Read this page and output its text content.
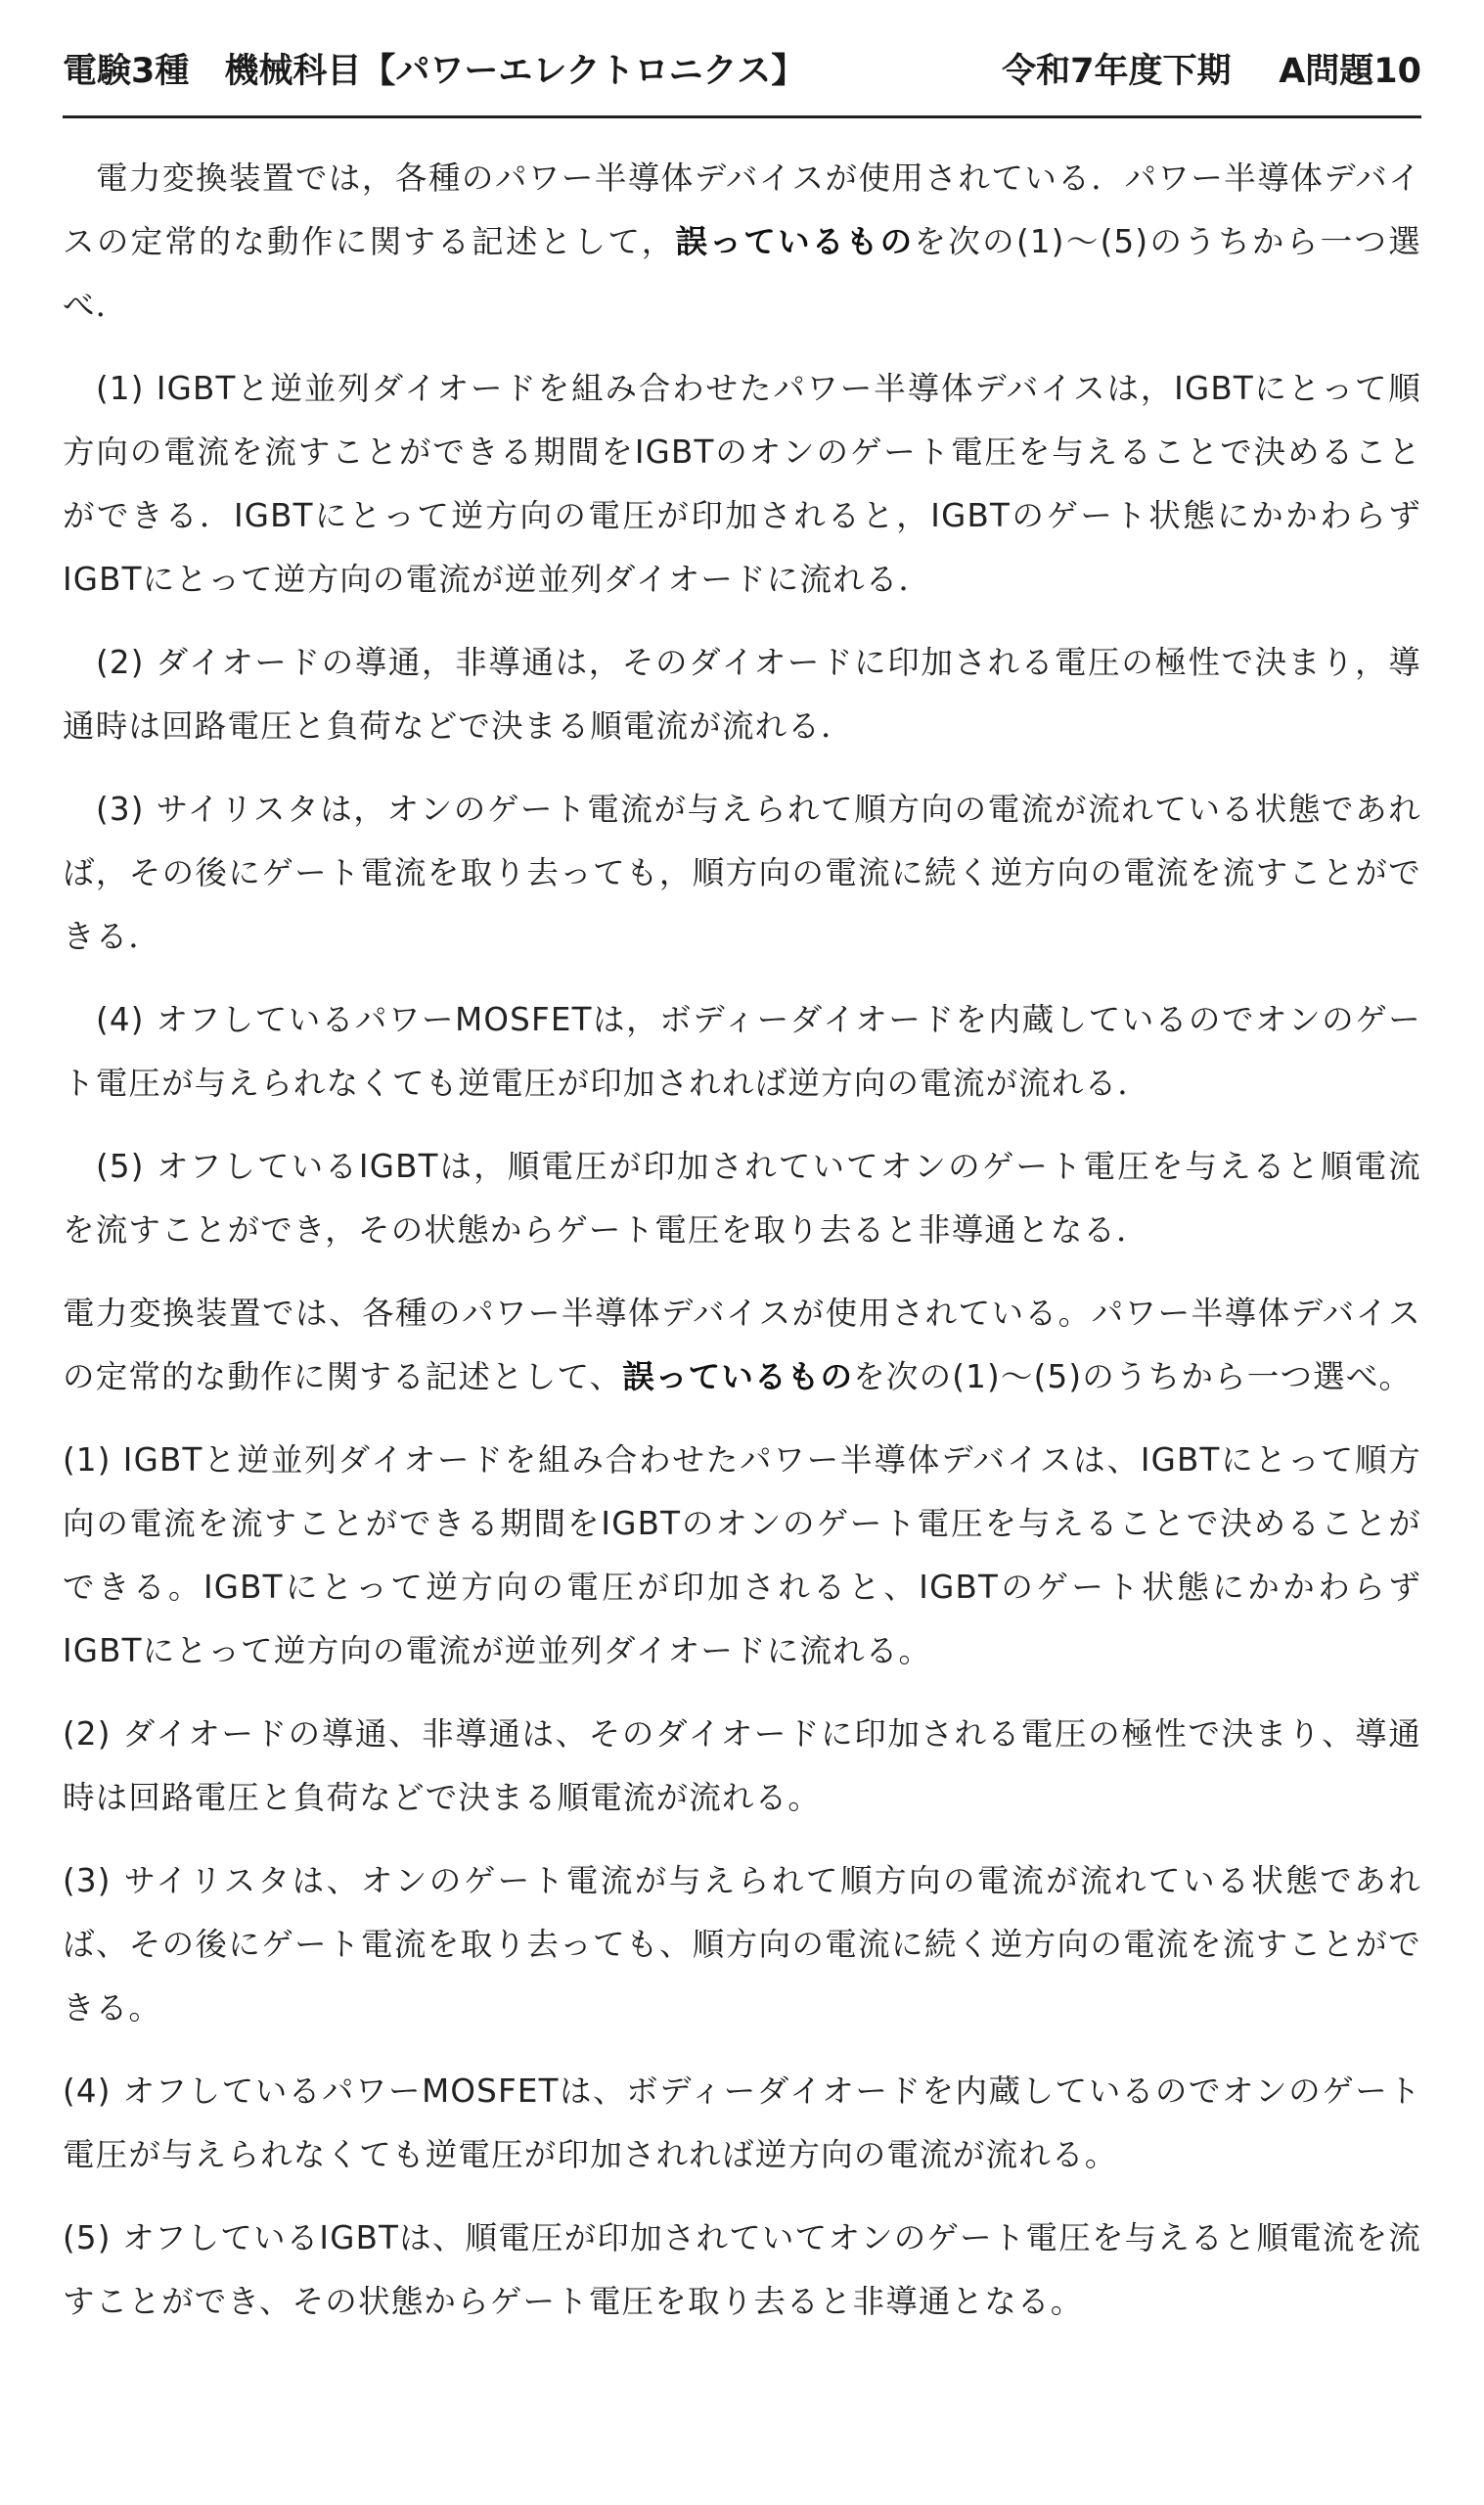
電験3種 機械科目【パワーエレクトロニクス】	令和7年度下期 A問題10

電力変換装置では，各種のパワー半導体デバイスが使用されている．パワー半導体デバイスの定常的な動作に関する記述として，誤っているものを次の(1)〜(5)のうちから一つ選べ．

(1) IGBTと逆並列ダイオードを組み合わせたパワー半導体デバイスは，IGBTにとって順方向の電流を流すことができる期間をIGBTのオンのゲート電圧を与えることで決めることができる．IGBTにとって逆方向の電圧が印加されると，IGBTのゲート状態にかかわらずIGBTにとって逆方向の電流が逆並列ダイオードに流れる．

(2) ダイオードの導通，非導通は，そのダイオードに印加される電圧の極性で決まり，導通時は回路電圧と負荷などで決まる順電流が流れる．

(3) サイリスタは，オンのゲート電流が与えられて順方向の電流が流れている状態であれば，その後にゲート電流を取り去っても，順方向の電流に続く逆方向の電流を流すことができる．

(4) オフしているパワーMOSFETは，ボディーダイオードを内蔵しているのでオンのゲート電圧が与えられなくても逆電圧が印加されれば逆方向の電流が流れる．

(5) オフしているIGBTは，順電圧が印加されていてオンのゲート電圧を与えると順電流を流すことができ，その状態からゲート電圧を取り去ると非導通となる．

電力変換装置では、各種のパワー半導体デバイスが使用されている。パワー半導体デバイスの定常的な動作に関する記述として、誤っているものを次の(1)〜(5)のうちから一つ選べ。

(1) IGBTと逆並列ダイオードを組み合わせたパワー半導体デバイスは、IGBTにとって順方向の電流を流すことができる期間をIGBTのオンのゲート電圧を与えることで決めることができる。IGBTにとって逆方向の電圧が印加されると、IGBTのゲート状態にかかわらずIGBTにとって逆方向の電流が逆並列ダイオードに流れる。

(2) ダイオードの導通、非導通は、そのダイオードに印加される電圧の極性で決まり、導通時は回路電圧と負荷などで決まる順電流が流れる。

(3) サイリスタは、オンのゲート電流が与えられて順方向の電流が流れている状態であれば、その後にゲート電流を取り去っても、順方向の電流に続く逆方向の電流を流すことができる。

(4) オフしているパワーMOSFETは、ボディーダイオードを内蔵しているのでオンのゲート電圧が与えられなくても逆電圧が印加されれば逆方向の電流が流れる。

(5) オフしているIGBTは、順電圧が印加されていてオンのゲート電圧を与えると順電流を流すことができ、その状態からゲート電圧を取り去ると非導通となる。
